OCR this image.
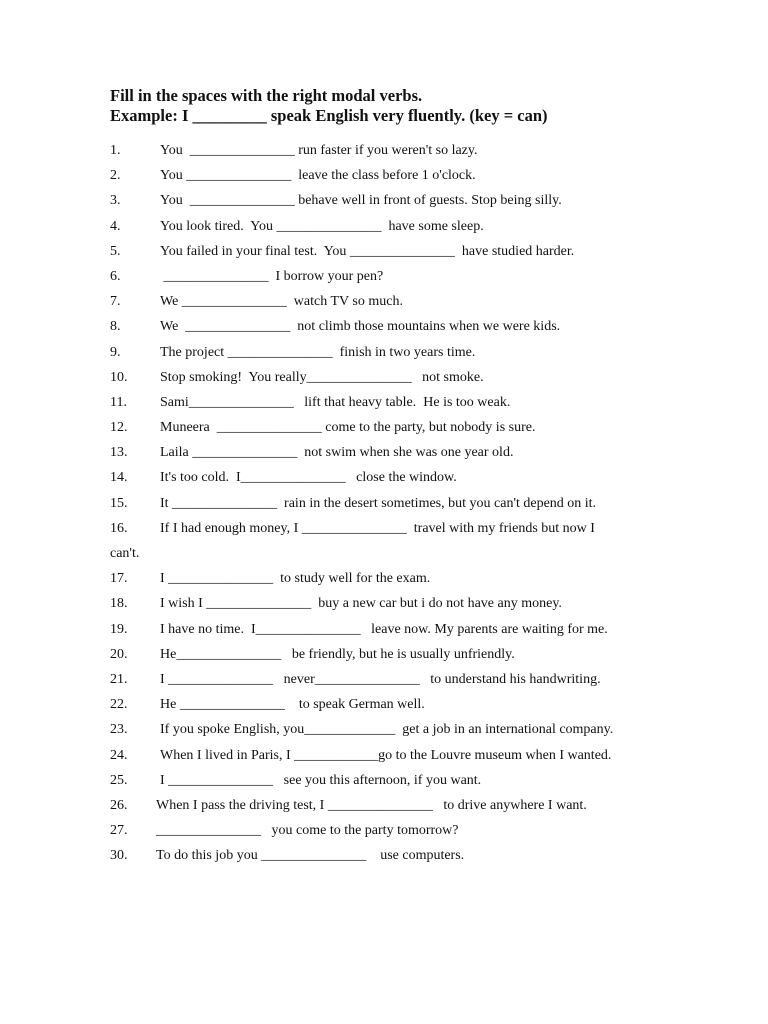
Fill in the spaces with the right modal verbs.
Example: I _________ speak English very fluently. (key = can)
1.	You  _______________ run faster if you weren't so lazy.
2.	You _______________  leave the class before 1 o'clock.
3.	You  _______________ behave well in front of guests. Stop being silly.
4.	You look tired.  You _______________  have some sleep.
5.	You failed in your final test.  You _______________  have studied harder.
6.	_______________  I borrow your pen?
7.	We _______________  watch TV so much.
8.	We  _______________  not climb those mountains when we were kids.
9.	The project _______________  finish in two years time.
10.	Stop smoking!  You really_______________   not smoke.
11.	Sami_______________   lift that heavy table.  He is too weak.
12.	Muneera  _______________ come to the party, but nobody is sure.
13.	Laila _______________  not swim when she was one year old.
14.	It's too cold.  I_______________   close the window.
15.	It _______________  rain in the desert sometimes, but you can't depend on it.
16.	If I had enough money, I _______________  travel with my friends but now I
can't.
17.	I _______________  to study well for the exam.
18.	I wish I _______________  buy a new car but i do not have any money.
19.	I have no time.  I_______________   leave now. My parents are waiting for me.
20.	He_______________   be friendly, but he is usually unfriendly.
21.	I _______________   never_______________   to understand his handwriting.
22.	He _______________    to speak German well.
23.	If you spoke English, you_____________  get a job in an international company.
24.	When I lived in Paris, I ____________go to the Louvre museum when I wanted.
25.	I _______________   see you this afternoon, if you want.
26.	When I pass the driving test, I _______________   to drive anywhere I want.
27.	_______________   you come to the party tomorrow?
30.	To do this job you _______________    use computers.
